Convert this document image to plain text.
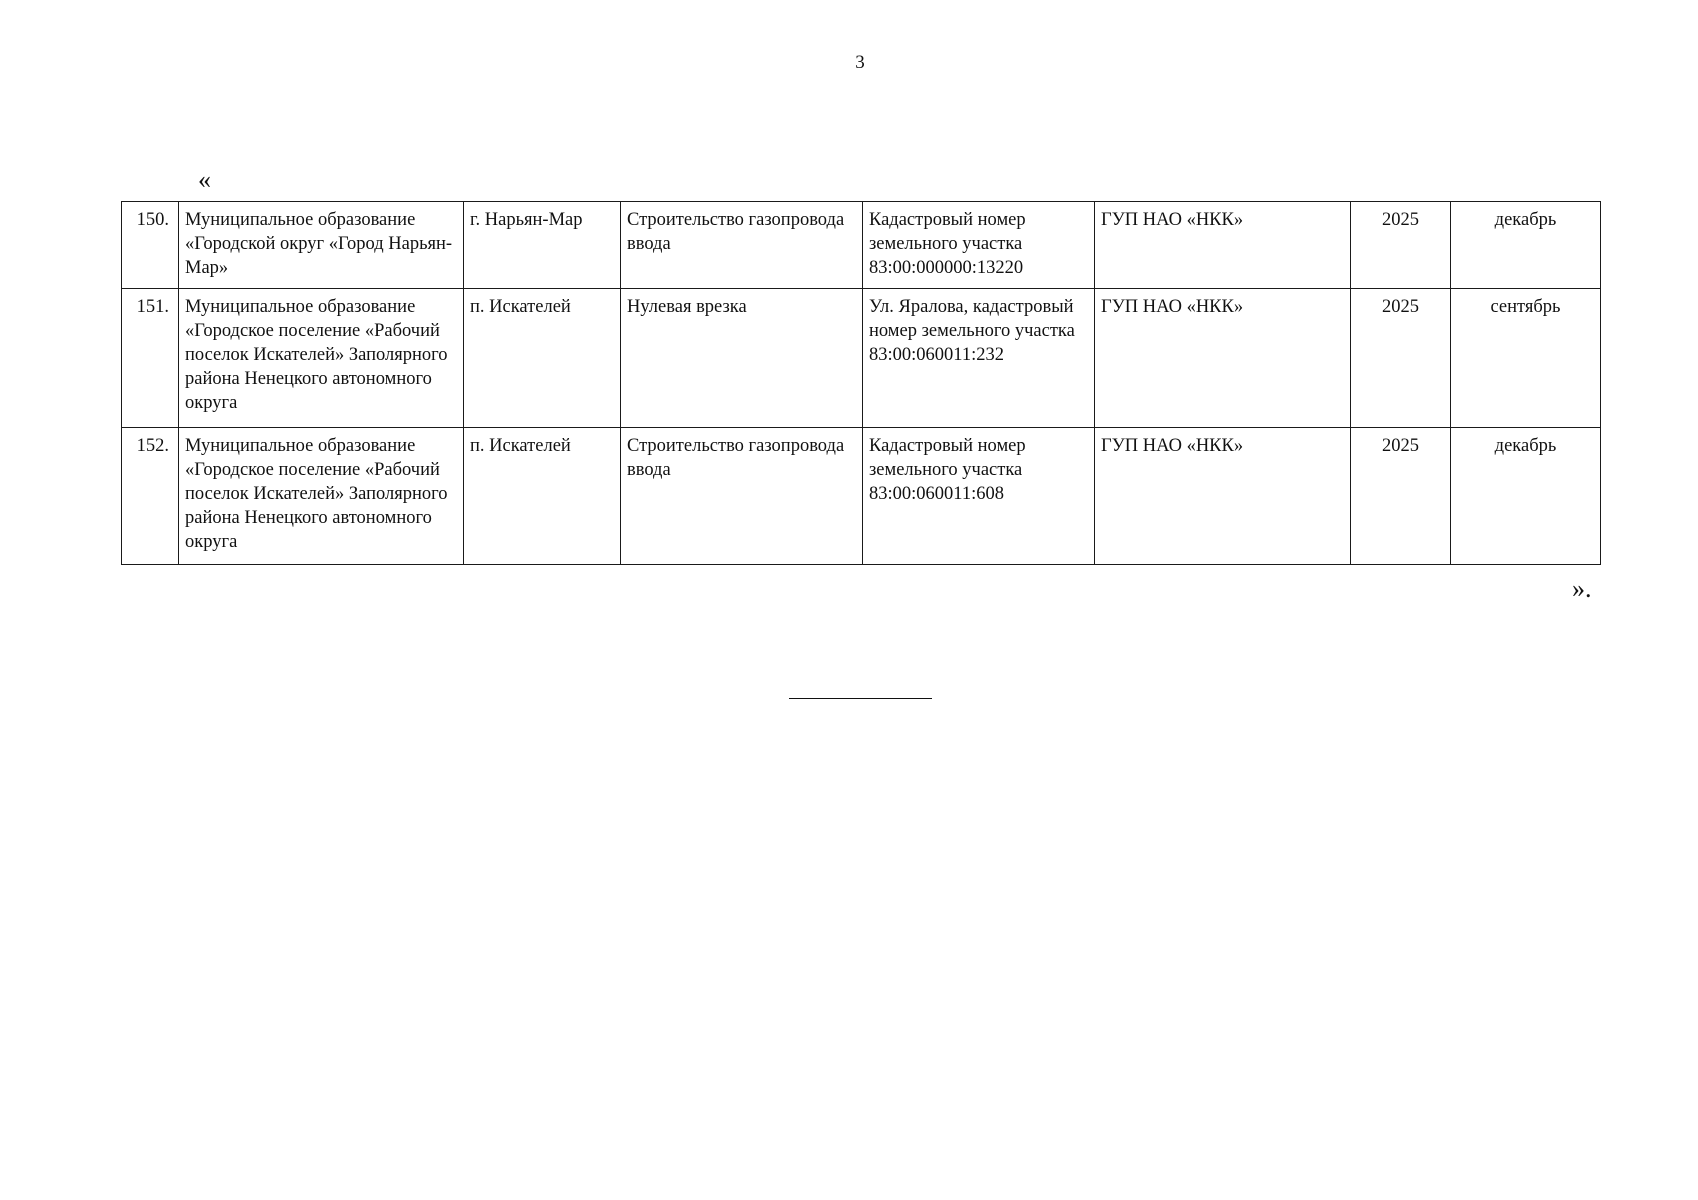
3
«
150.	Муниципальное образование «Городской округ «Город Нарьян-Мар»	г. Нарьян-Мар	Строительство газопровода ввода	Кадастровый номер земельного участка 83:00:000000:13220	ГУП НАО «НКК»	2025	декабрь
151.	Муниципальное образование «Городское поселение «Рабочий поселок Искателей» Заполярного района Ненецкого автономного округа	п. Искателей	Нулевая врезка	Ул. Яралова, кадастровый номер земельного участка 83:00:060011:232	ГУП НАО «НКК»	2025	сентябрь
152.	Муниципальное образование «Городское поселение «Рабочий поселок Искателей» Заполярного района Ненецкого автономного округа	п. Искателей	Строительство газопровода ввода	Кадастровый номер земельного участка 83:00:060011:608	ГУП НАО «НКК»	2025	декабрь
».
